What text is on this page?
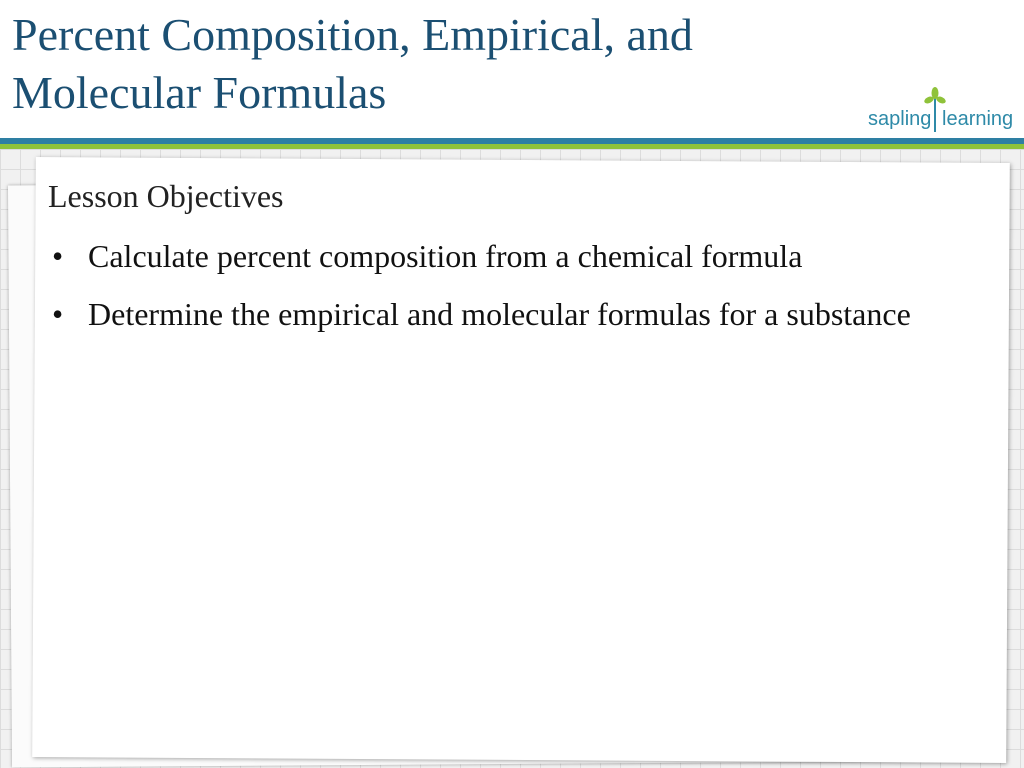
Percent Composition, Empirical, and
Molecular Formulas
sapling learning
Lesson Objectives
• Calculate percent composition from a chemical formula
• Determine the empirical and molecular formulas for a substance
